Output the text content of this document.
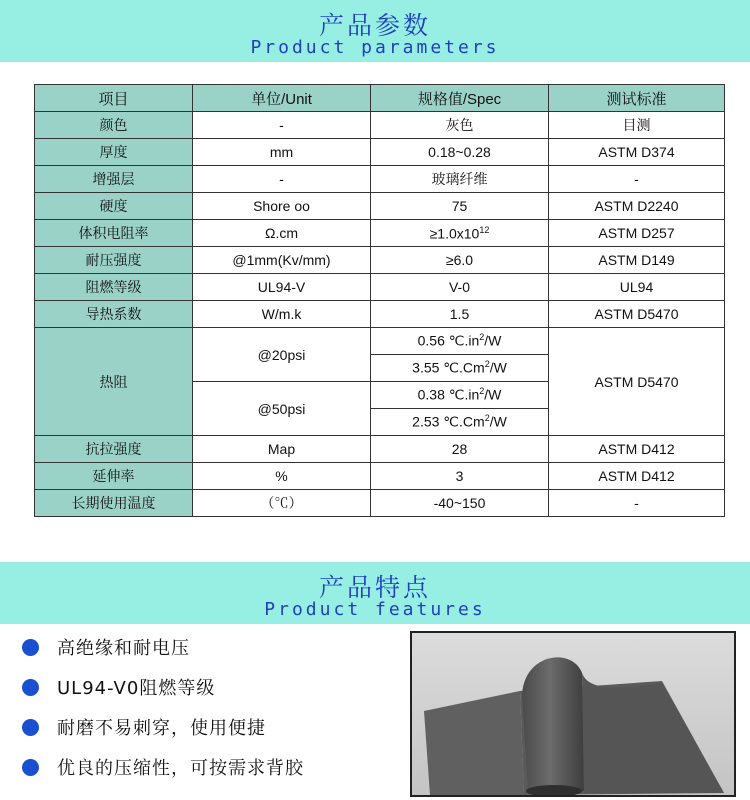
产品参数
Product parameters
项目	单位/Unit	规格值/Spec	测试标准
颜色	-	灰色	目测
厚度	mm	0.18~0.28	ASTM D374
增强层	-	玻璃纤维	-
硬度	Shore oo	75	ASTM D2240
体积电阻率	Ω.cm	$\ge 1.0x10^{12}$	ASTM D257
耐压强度	@1mm(Kv/mm)	≥6.0	ASTM D149
阻燃等级	UL94-V	V-0	UL94
导热系数	W/m.k	1.5	ASTM D5470
热阻	@20psi	0.56 $℃.in^2/W$	ASTM D5470
		3.55 ℃.Cm$^2$/W	
	@50psi	0.38 $℃.in^2/W$	
		2.53 ℃.Cm$^2$/W	
抗拉强度	Map	28	ASTM D412
延伸率	%	3	ASTM D412
长期使用温度	（℃）	-40~150	-
产品特点
Product features
高绝缘和耐电压
UL94-V0阻燃等级
耐磨不易刺穿，使用便捷
优良的压缩性，可按需求背胶
